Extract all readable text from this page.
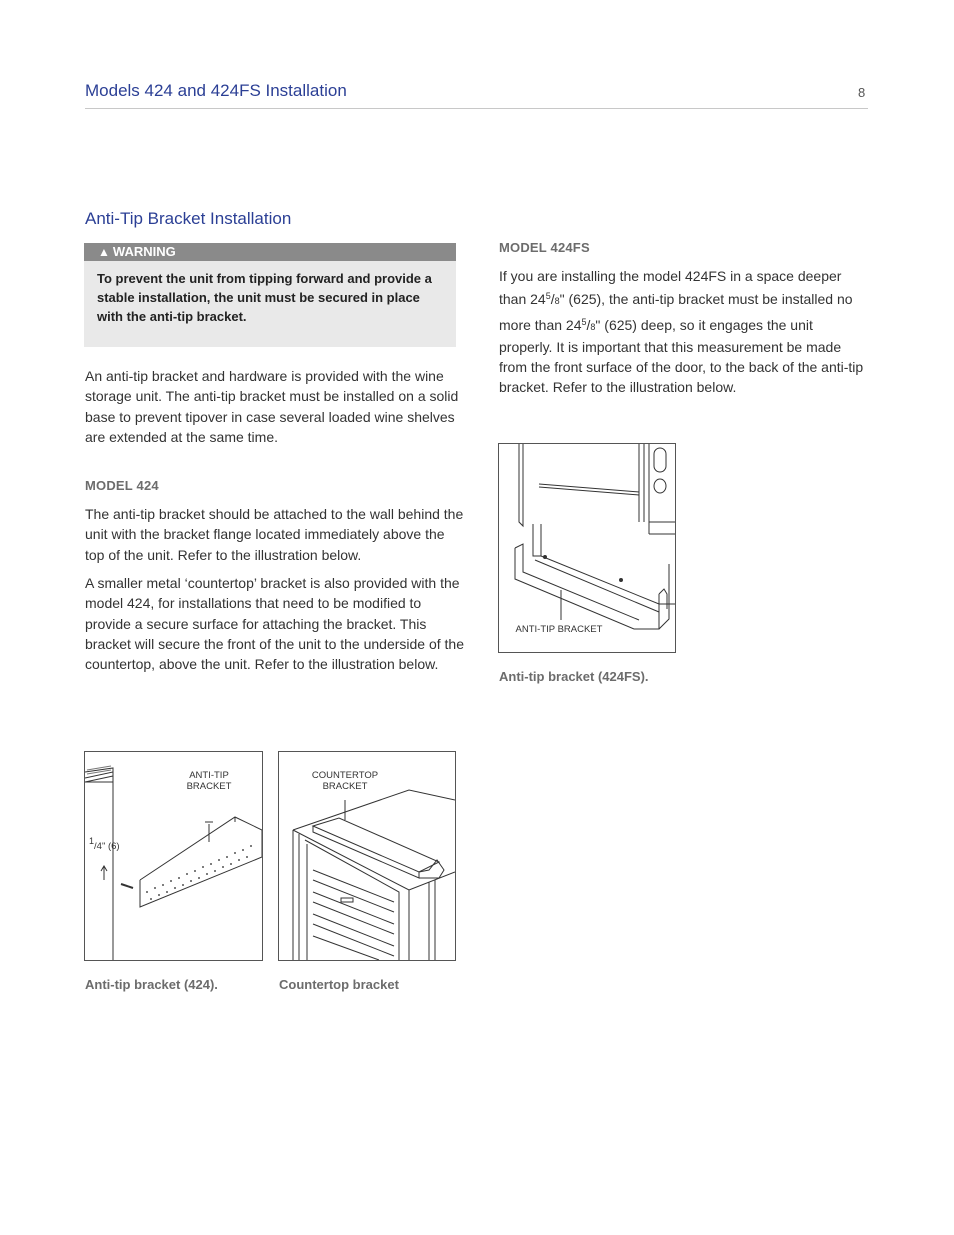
Models 424 and 424FS Installation	8
Anti-Tip Bracket Installation
▲ WARNING
To prevent the unit from tipping forward and provide a stable installation, the unit must be secured in place with the anti-tip bracket.
An anti-tip bracket and hardware is provided with the wine storage unit. The anti-tip bracket must be installed on a solid base to prevent tipover in case several loaded wine shelves are extended at the same time.
MODEL 424
The anti-tip bracket should be attached to the wall behind the unit with the bracket flange located immediately above the top of the unit. Refer to the illustration below.
A smaller metal ‘countertop’ bracket is also provided with the model 424, for installations that need to be modified to provide a secure surface for attaching the bracket. This bracket will secure the front of the unit to the underside of the countertop, above the unit. Refer to the illustration below.
MODEL 424FS
If you are installing the model 424FS in a space deeper
than $24^5/8$" (625), the anti-tip bracket must be installed no
more than $24^5/8$" (625) deep, so it engages the unit
properly. It is important that this measurement be made from the front surface of the door, to the back of the anti-tip bracket. Refer to the illustration below.
ANTI-TIP BRACKET
Anti-tip bracket (424FS).
ANTI-TIP
BRACKET
$^1$/4" (6)
Anti-tip bracket (424).
COUNTERTOP
BRACKET
Countertop bracket
